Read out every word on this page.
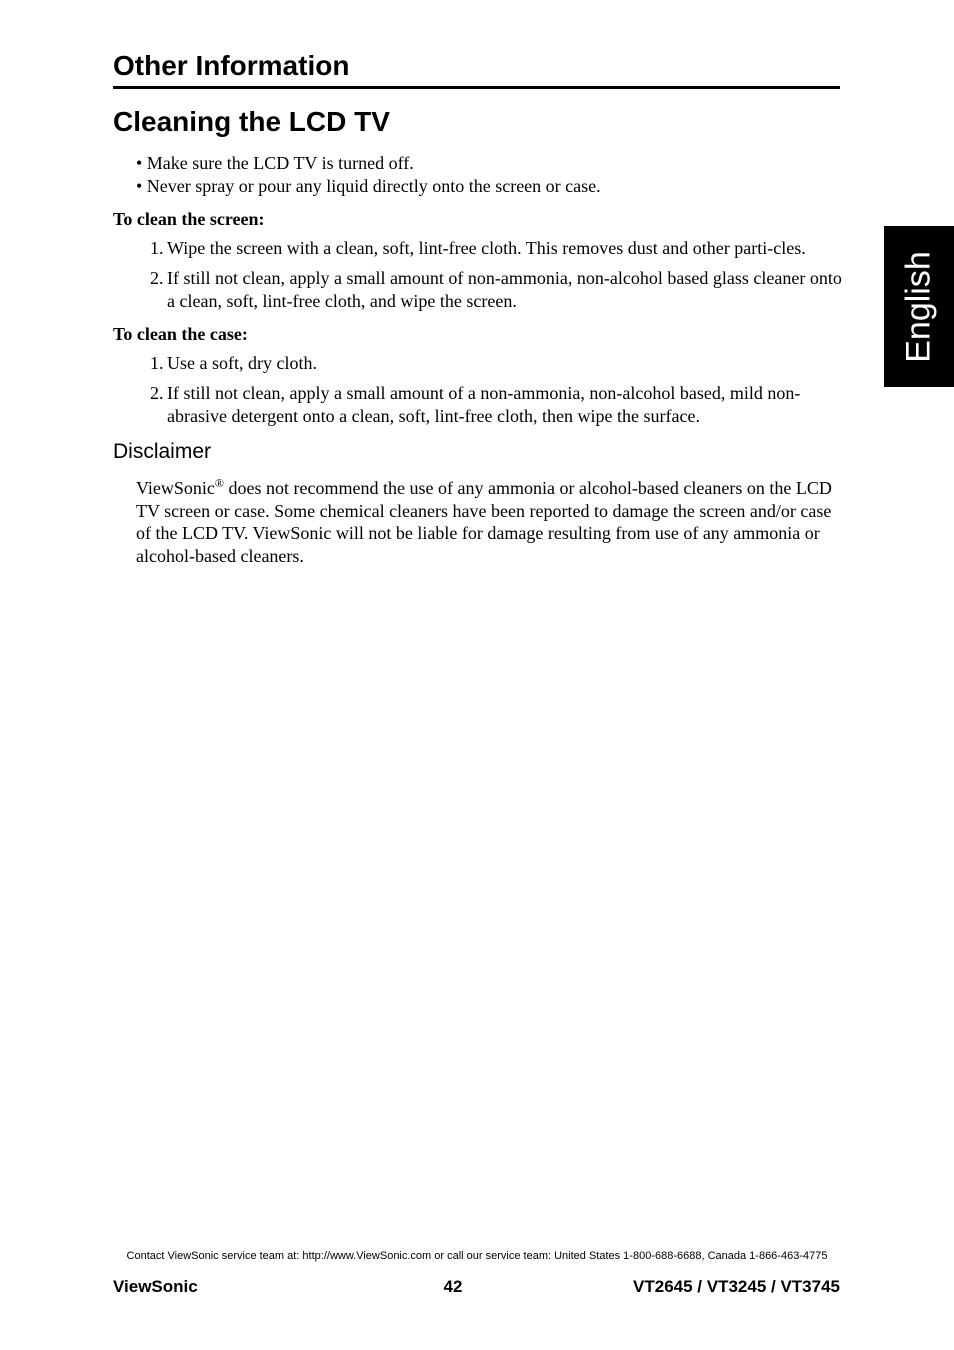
Other Information
Cleaning the LCD TV
• Make sure the LCD TV is turned off.
• Never spray or pour any liquid directly onto the screen or case.
To clean the screen:
1. Wipe the screen with a clean, soft, lint-free cloth. This removes dust and other parti-cles.
2. If still not clean, apply a small amount of non-ammonia, non-alcohol based glass cleaner onto a clean, soft, lint-free cloth, and wipe the screen.
To clean the case:
1. Use a soft, dry cloth.
2. If still not clean, apply a small amount of a non-ammonia, non-alcohol based, mild non-abrasive detergent onto a clean, soft, lint-free cloth, then wipe the surface.
Disclaimer

ViewSonic® does not recommend the use of any ammonia or alcohol-based cleaners on the LCD TV screen or case. Some chemical cleaners have been reported to damage the screen and/or case of the LCD TV. ViewSonic will not be liable for damage resulting from use of any ammonia or alcohol-based cleaners.

English
Contact ViewSonic service team at: http://www.ViewSonic.com or call our service team: United States 1-800-688-6688, Canada 1-866-463-4775
ViewSonic	42	VT2645 / VT3245 / VT3745
